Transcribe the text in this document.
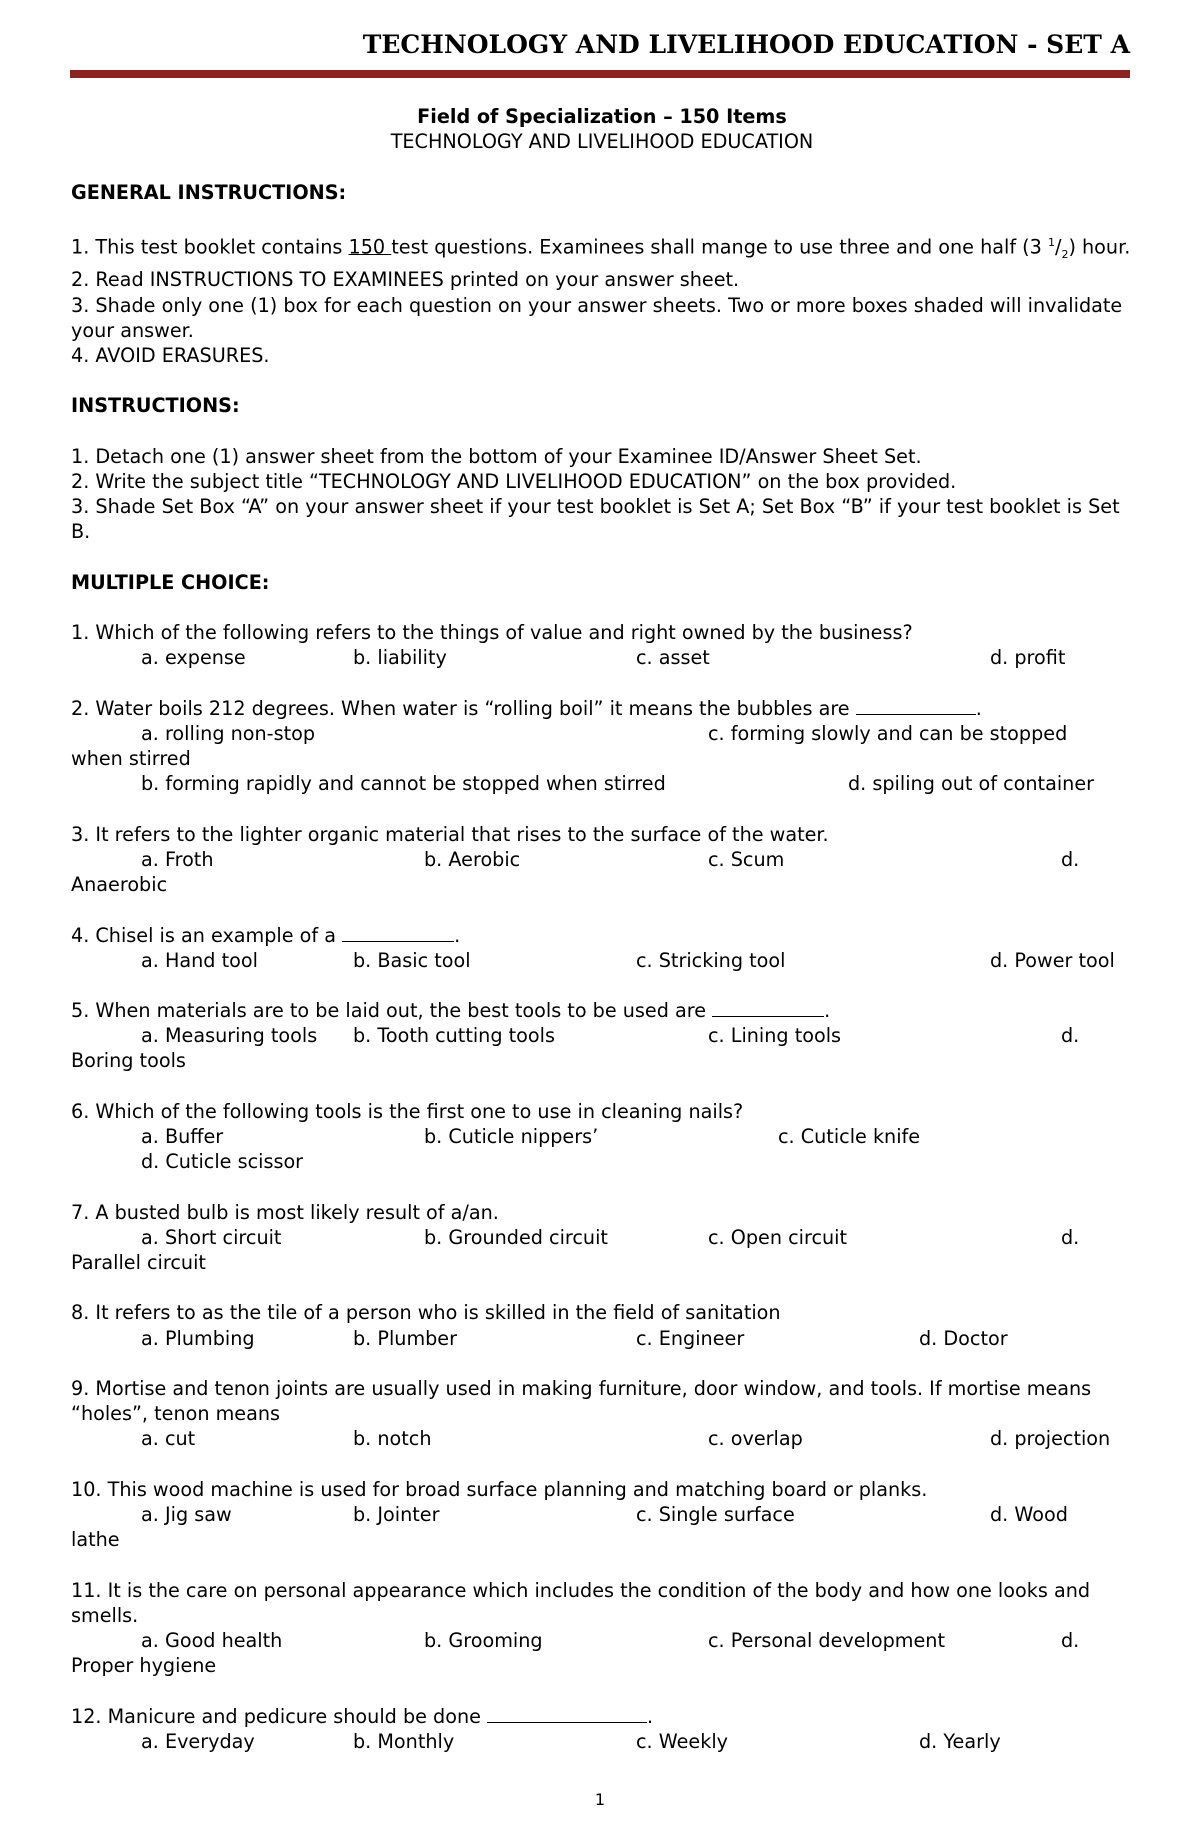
TECHNOLOGY AND LIVELIHOOD EDUCATION - SET A

Field of Specialization – 150 Items

TECHNOLOGY AND LIVELIHOOD EDUCATION

GENERAL INSTRUCTIONS:

1. This test booklet contains 150 test questions. Examinees shall mange to use three and one half (3 $^1/_2$) hour.

2. Read INSTRUCTIONS TO EXAMINEES printed on your answer sheet.

3. Shade only one (1) box for each question on your answer sheets. Two or more boxes shaded will invalidate your answer.

4. AVOID ERASURES.

INSTRUCTIONS:

1. Detach one (1) answer sheet from the bottom of your Examinee ID/Answer Sheet Set.

2. Write the subject title “TECHNOLOGY AND LIVELIHOOD EDUCATION” on the box provided.

3. Shade Set Box “A” on your answer sheet if your test booklet is Set A; Set Box “B” if your test booklet is Set B.

MULTIPLE CHOICE:

1. Which of the following refers to the things of value and right owned by the business?

a. expense	b. liability	c. asset	d. profit

2. Water boils 212 degrees. When water is “rolling boil” it means the bubbles are	.

a. rolling non-stop	c. forming slowly and can be stopped

when stirred

b. forming rapidly and cannot be stopped when stirred	d. spiling out of container

3. It refers to the lighter organic material that rises to the surface of the water.

a. Froth	b. Aerobic	c. Scum	d.

Anaerobic

4. Chisel is an example of a	.

a. Hand tool	b. Basic tool	c. Stricking tool	d. Power tool

5. When materials are to be laid out, the best tools to be used are	.

a. Measuring tools b. Tooth cutting tools	c. Lining tools	d.

Boring tools

6. Which of the following tools is the first one to use in cleaning nails?

a. Buffer	b. Cuticle nippers’	c. Cuticle knife
d. Cuticle scissor

7. A busted bulb is most likely result of a/an.

a. Short circuit	b. Grounded circuit	c. Open circuit	d.

Parallel circuit

8. It refers to as the tile of a person who is skilled in the field of sanitation

a. Plumbing	b. Plumber	c. Engineer	d. Doctor

9. Mortise and tenon joints are usually used in making furniture, door window, and tools. If mortise means “holes”, tenon means

a. cut	b. notch	c. overlap	d. projection

10. This wood machine is used for broad surface planning and matching board or planks.

a. Jig saw	b. Jointer	c. Single surface	d. Wood

lathe

11. It is the care on personal appearance which includes the condition of the body and how one looks and smells.

a. Good health	b. Grooming	c. Personal development	d.

Proper hygiene

12. Manicure and pedicure should be done	.

a. Everyday	b. Monthly	c. Weekly	d. Yearly
1
